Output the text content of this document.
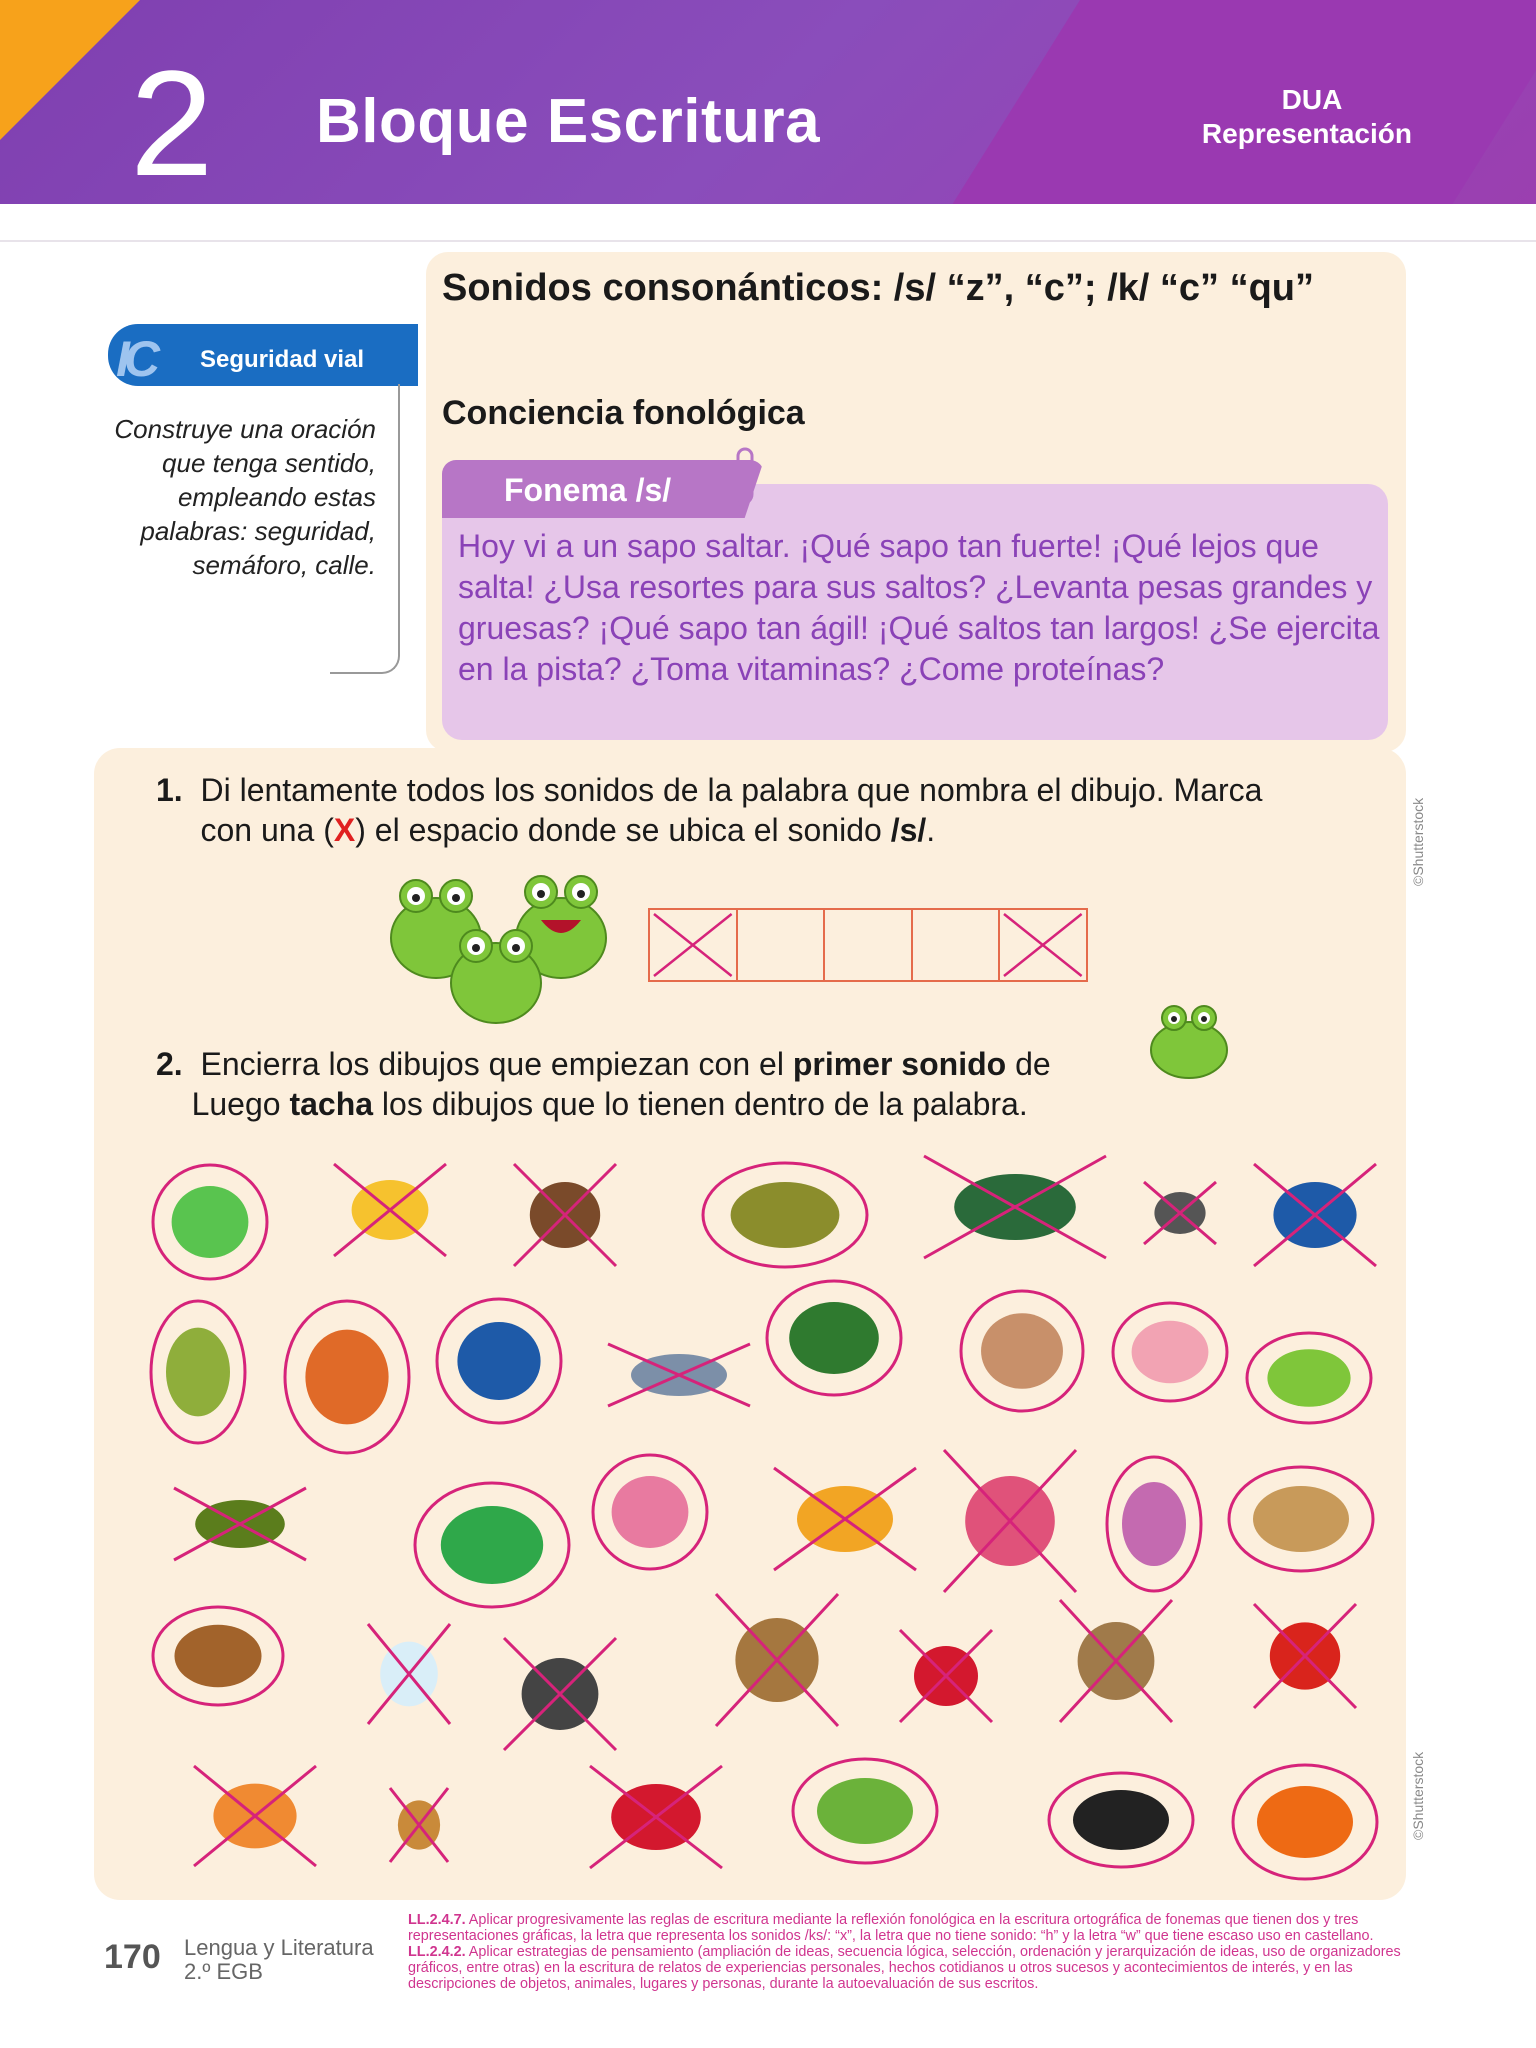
2 Bloque Escritura	DUA
Representación
Sonidos consonánticos: /s/ “z”, “c”; /k/ “c” “qu”
Conciencia fonológica
IC Seguridad vial
Construye una oración que tenga sentido, empleando estas palabras: seguridad, semáforo, calle.
Fonema /s/
Hoy vi a un sapo saltar. ¡Qué sapo tan fuerte! ¡Qué lejos que salta! ¿Usa resortes para sus saltos? ¿Levanta pesas grandes y gruesas? ¡Qué sapo tan ágil! ¡Qué saltos tan largos! ¿Se ejercita en la pista? ¿Toma vitaminas? ¿Come proteínas?
1. Di lentamente todos los sonidos de la palabra que nombra el dibujo. Marca
con una (X) el espacio donde se ubica el sonido /s/.	©Shutterstock
2. Encierra los dibujos que empiezan con el primer sonido de
Luego tacha los dibujos que lo tienen dentro de la palabra.
©Shutterstock
170 Lengua y Literatura
2.º EGB
LL.2.4.7. Aplicar progresivamente las reglas de escritura mediante la reflexión fonológica en la escritura ortográfica de fonemas que tienen dos y tres representaciones gráficas, la letra que representa los sonidos /ks/: “x”, la letra que no tiene sonido: “h” y la letra “w” que tiene escaso uso en castellano.
LL.2.4.2. Aplicar estrategias de pensamiento (ampliación de ideas, secuencia lógica, selección, ordenación y jerarquización de ideas, uso de organizadores gráficos, entre otras) en la escritura de relatos de experiencias personales, hechos cotidianos u otros sucesos y acontecimientos de interés, y en las descripciones de objetos, animales, lugares y personas, durante la autoevaluación de sus escritos.
